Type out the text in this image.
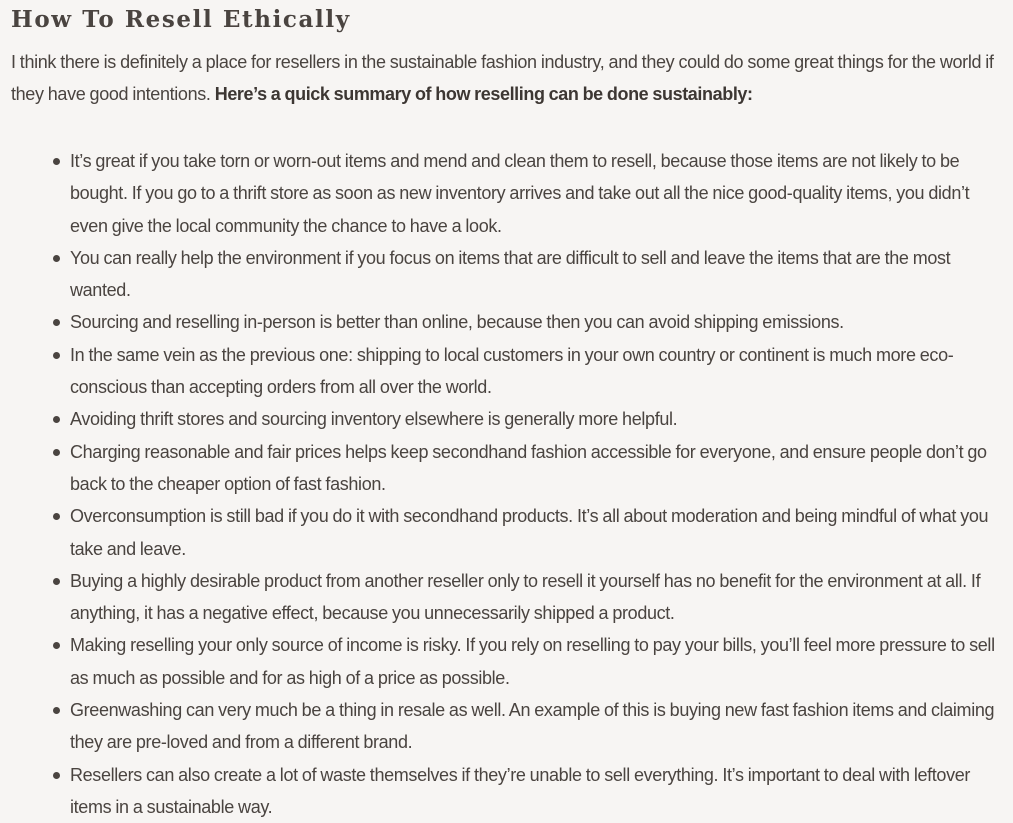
How To Resell Ethically

I think there is definitely a place for resellers in the sustainable fashion industry, and they could do some great things for the world if they have good intentions. Here’s a quick summary of how reselling can be done sustainably:

It’s great if you take torn or worn-out items and mend and clean them to resell, because those items are not likely to be bought. If you go to a thrift store as soon as new inventory arrives and take out all the nice good-quality items, you didn’t even give the local community the chance to have a look.
You can really help the environment if you focus on items that are difficult to sell and leave the items that are the most wanted.
Sourcing and reselling in-person is better than online, because then you can avoid shipping emissions.
In the same vein as the previous one: shipping to local customers in your own country or continent is much more eco-conscious than accepting orders from all over the world.
Avoiding thrift stores and sourcing inventory elsewhere is generally more helpful.
Charging reasonable and fair prices helps keep secondhand fashion accessible for everyone, and ensure people don’t go back to the cheaper option of fast fashion.
Overconsumption is still bad if you do it with secondhand products. It’s all about moderation and being mindful of what you take and leave.
Buying a highly desirable product from another reseller only to resell it yourself has no benefit for the environment at all. If anything, it has a negative effect, because you unnecessarily shipped a product.
Making reselling your only source of income is risky. If you rely on reselling to pay your bills, you’ll feel more pressure to sell as much as possible and for as high of a price as possible.
Greenwashing can very much be a thing in resale as well. An example of this is buying new fast fashion items and claiming they are pre-loved and from a different brand.
Resellers can also create a lot of waste themselves if they’re unable to sell everything. It’s important to deal with leftover items in a sustainable way.
